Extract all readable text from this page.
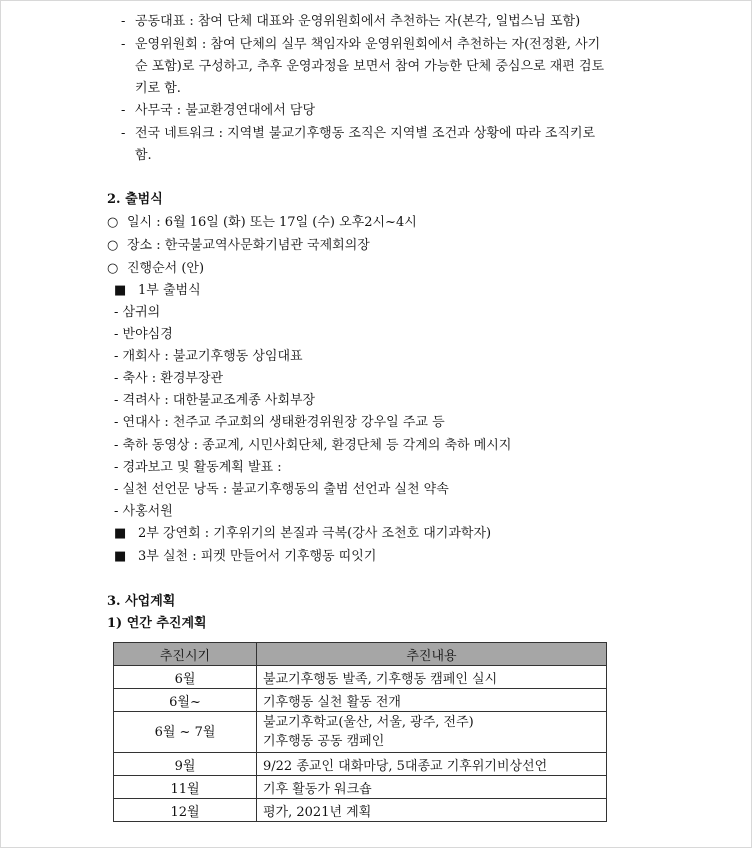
- 공동대표 : 참여 단체 대표와 운영위원회에서 추천하는 자(본각, 일법스님 포함)
- 운영위원회 : 참여 단체의 실무 책임자와 운영위원회에서 추천하는 자(전정환, 사기
순 포함)로 구성하고, 추후 운영과정을 보면서 참여 가능한 단체 중심으로 재편 검토
키로 함.
- 사무국 : 불교환경연대에서 담당
- 전국 네트워크 : 지역별 불교기후행동 조직은 지역별 조건과 상황에 따라 조직키로
함.
2. 출범식
○ 일시 : 6월 16일 (화) 또는 17일 (수) 오후2시~4시
○ 장소 : 한국불교역사문화기념관 국제회의장
○ 진행순서 (안)
■ 1부 출범식
- 삼귀의
- 반야심경
- 개회사 : 불교기후행동 상임대표
- 축사 : 환경부장관
- 격려사 : 대한불교조계종 사회부장
- 연대사 : 천주교 주교회의 생태환경위원장 강우일 주교 등
- 축하 동영상 : 종교계, 시민사회단체, 환경단체 등 각계의 축하 메시지
- 경과보고 및 활동계획 발표 :
- 실천 선언문 낭독 : 불교기후행동의 출범 선언과 실천 약속
- 사홍서원
■ 2부 강연회 : 기후위기의 본질과 극복(강사 조천호 대기과학자)
■ 3부 실천 : 피켓 만들어서 기후행동 띠잇기
3. 사업계획
1) 연간 추진계획
추진시기	추진내용
6월	불교기후행동 발족, 기후행동 캠페인 실시
6월~	기후행동 실천 활동 전개
6월 ~ 7월	불교기후학교(울산, 서울, 광주, 전주)
기후행동 공동 캠페인

9월	9/22 종교인 대화마당, 5대종교 기후위기비상선언
11월	기후 활동가 워크숍
12월	평가, 2021년 계획
